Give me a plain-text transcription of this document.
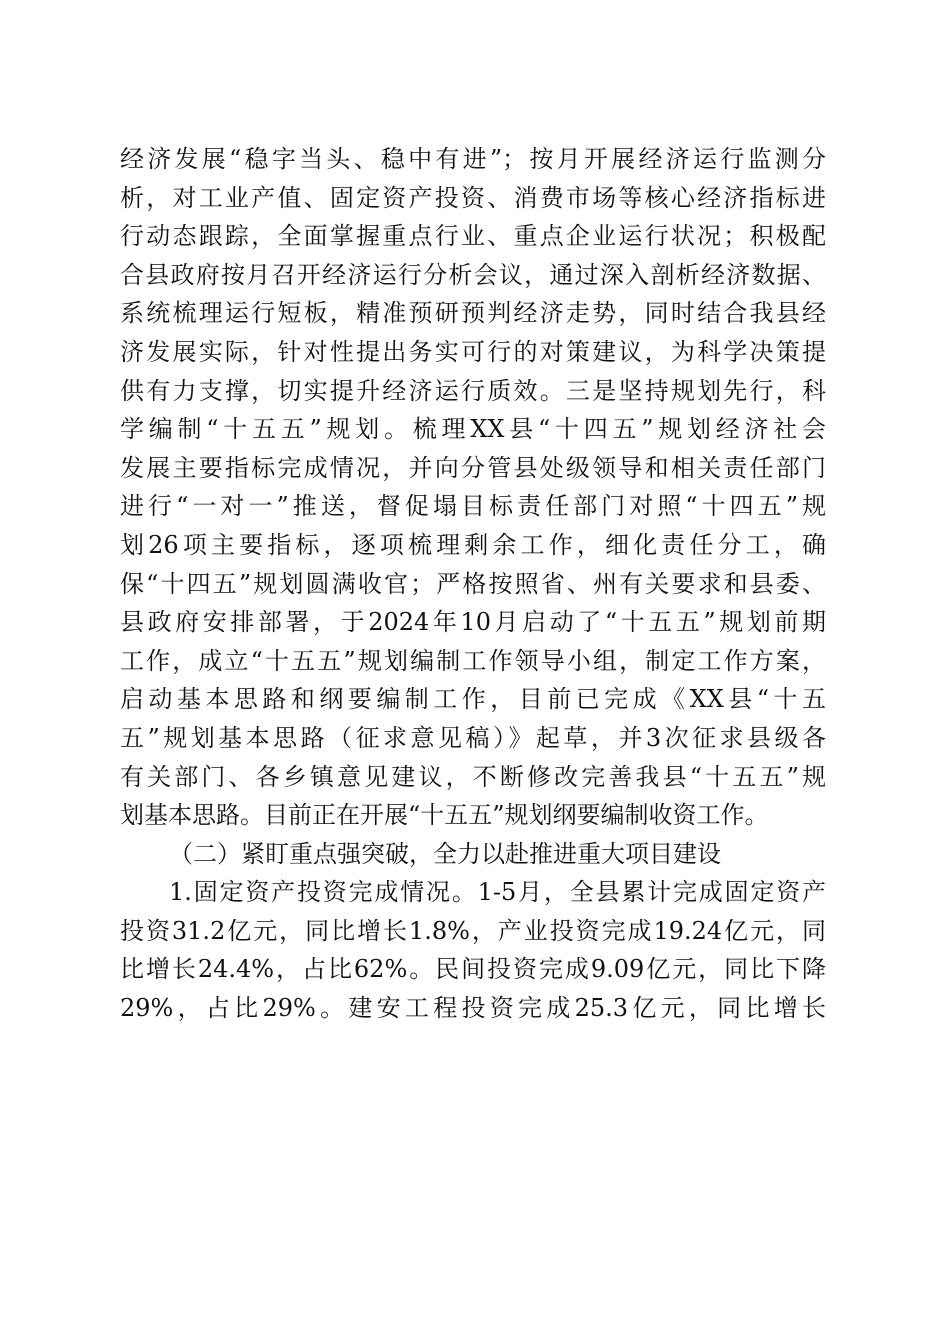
经济发展“稳字当头、稳中有进”；按月开展经济运行监测分
析，对工业产值、固定资产投资、消费市场等核心经济指标进
行动态跟踪，全面掌握重点行业、重点企业运行状况；积极配
合县政府按月召开经济运行分析会议，通过深入剖析经济数据、
系统梳理运行短板，精准预研预判经济走势，同时结合我县经
济发展实际，针对性提出务实可行的对策建议，为科学决策提
供有力支撑，切实提升经济运行质效。三是坚持规划先行，科
学编制“十五五”规划。梳理XX县“十四五”规划经济社会
发展主要指标完成情况，并向分管县处级领导和相关责任部门
进行“一对一”推送，督促塌目标责任部门对照“十四五”规
划26项主要指标，逐项梳理剩余工作，细化责任分工，确
保“十四五”规划圆满收官；严格按照省、州有关要求和县委、
县政府安排部署，于2024年10月启动了“十五五”规划前期
工作，成立“十五五”规划编制工作领导小组，制定工作方案，
启动基本思路和纲要编制工作，目前已完成《XX县“十五
五”规划基本思路（征求意见稿）》起草，并3次征求县级各
有关部门、各乡镇意见建议，不断修改完善我县“十五五”规
划基本思路。目前正在开展“十五五”规划纲要编制收资工作。
（二）紧盯重点强突破，全力以赴推进重大项目建设
1.固定资产投资完成情况。1-5月，全县累计完成固定资产
投资31.2亿元，同比增长1.8%，产业投资完成19.24亿元，同
比增长24.4%，占比62%。民间投资完成9.09亿元，同比下降
29%，占比29%。建安工程投资完成25.3亿元，同比增长
